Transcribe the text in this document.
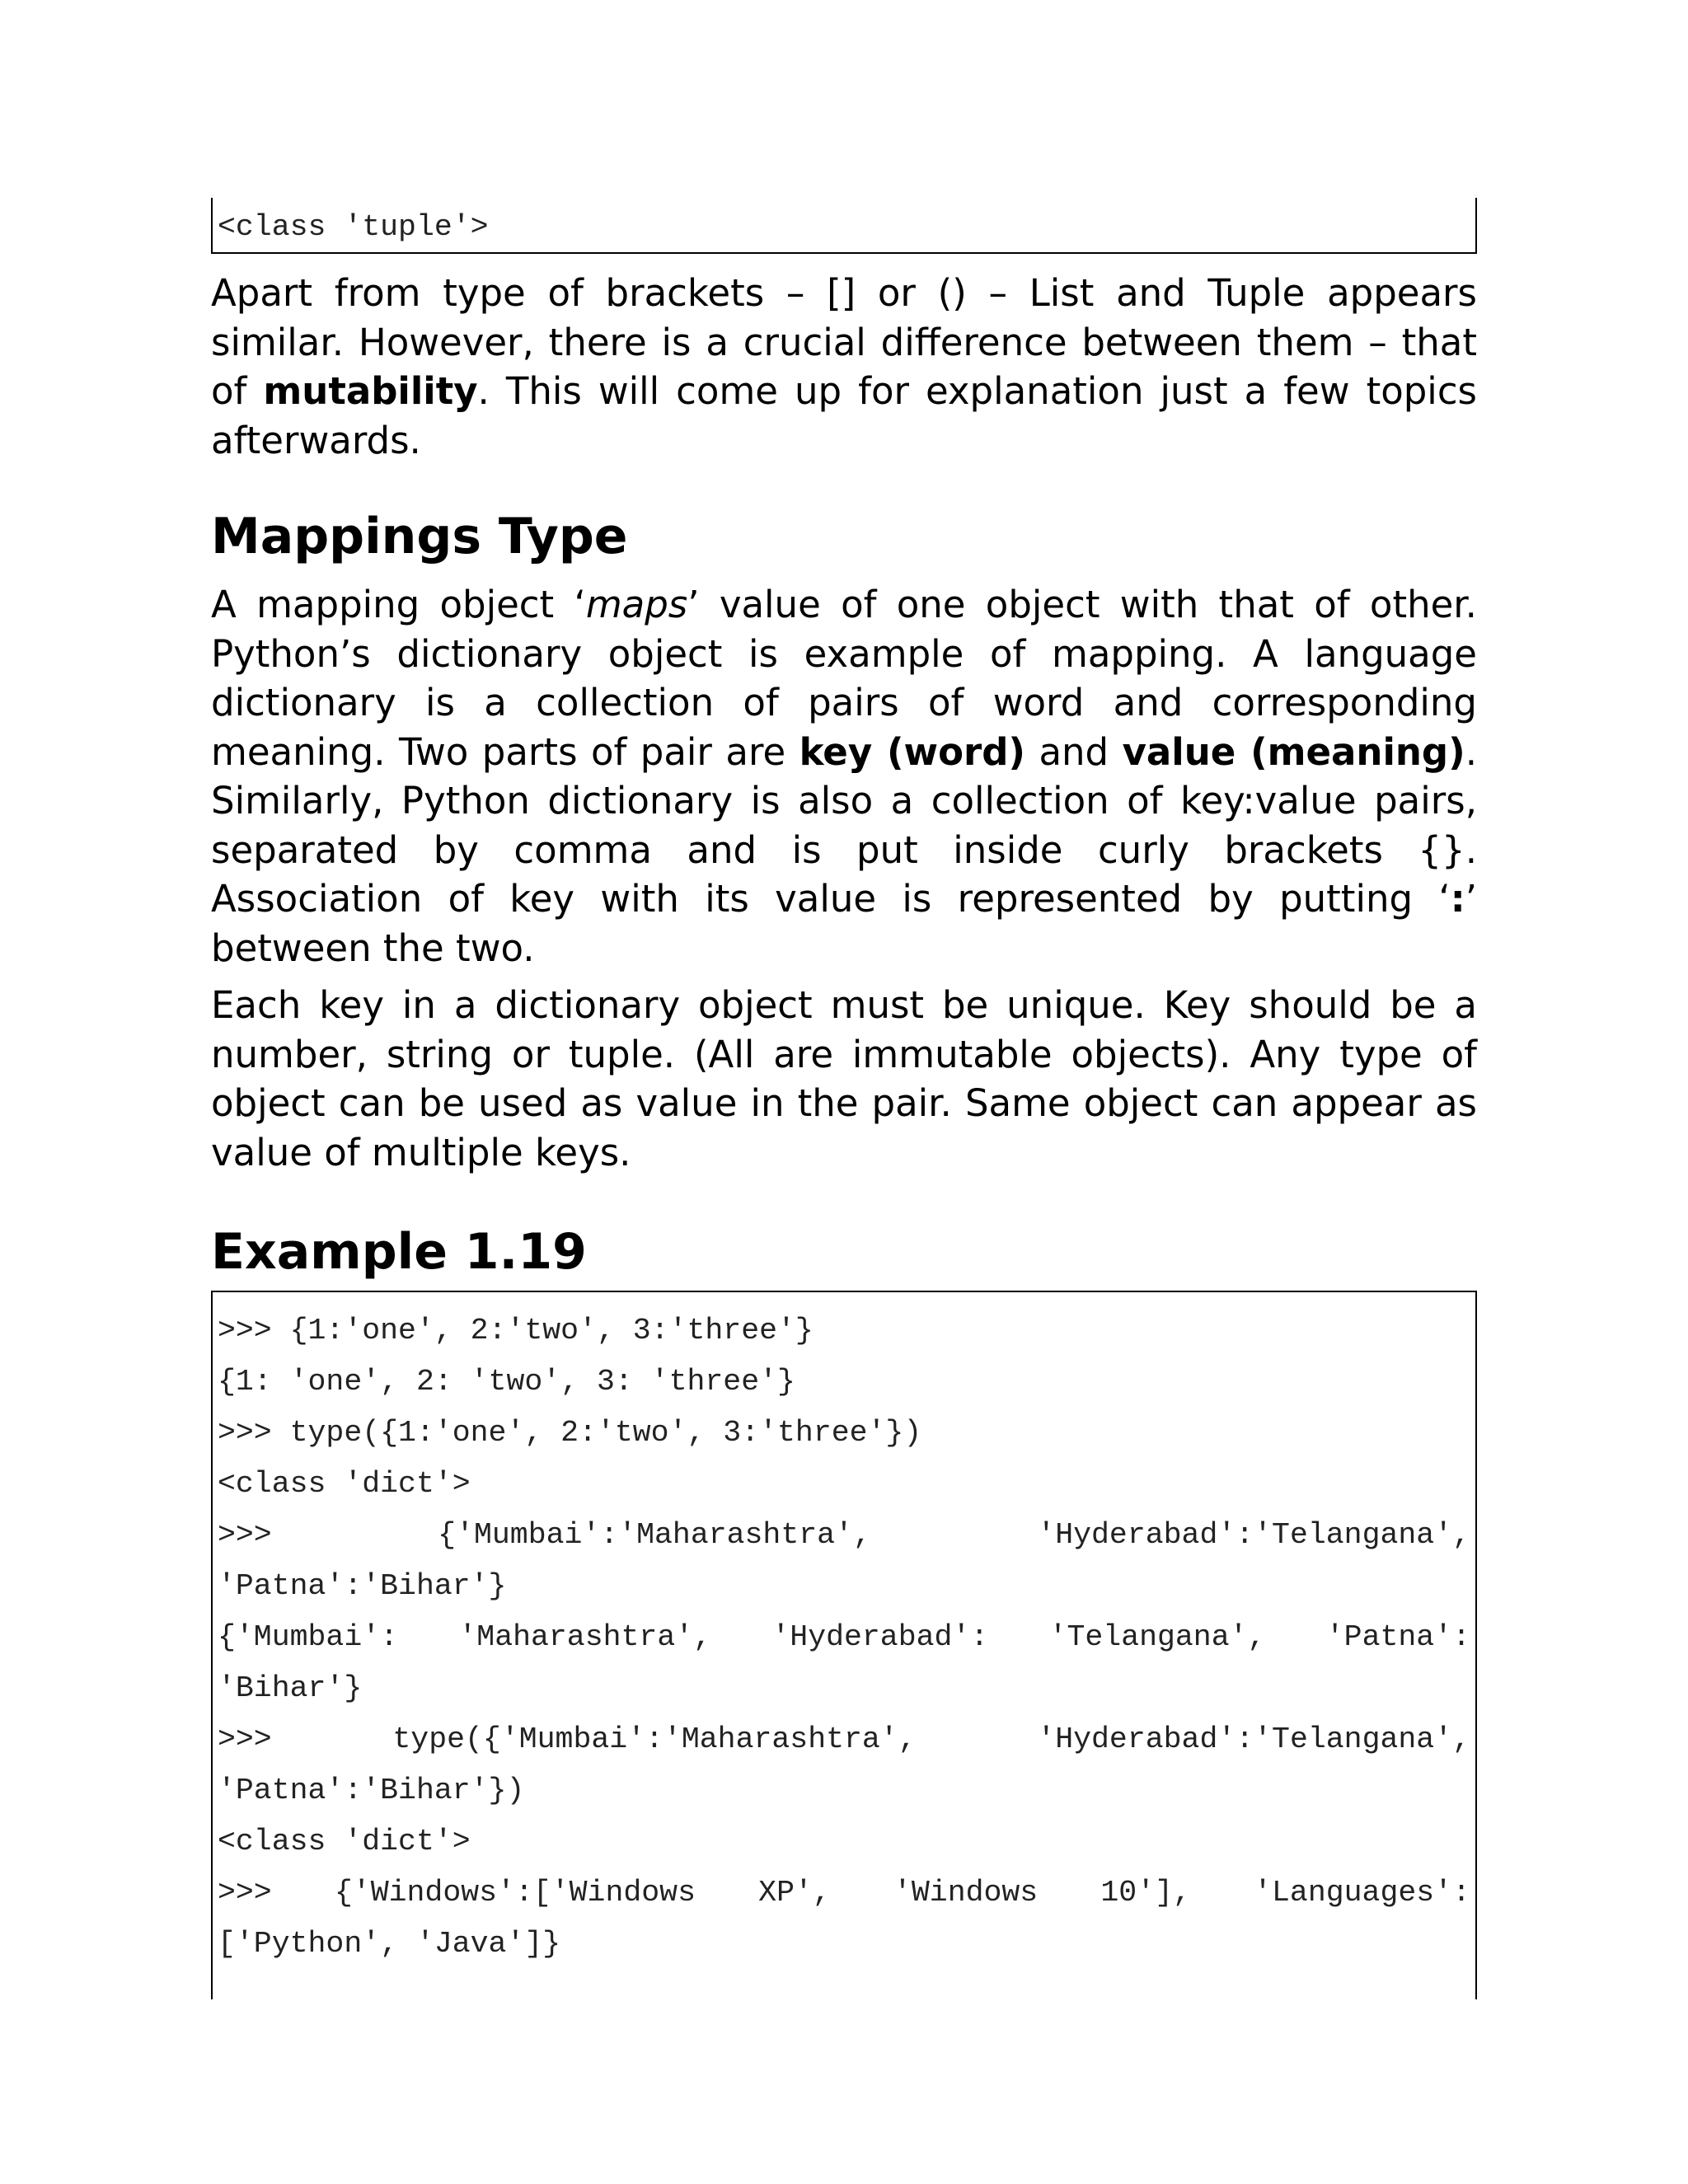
<class 'tuple'>

Apart from type of brackets – [] or () – List and Tuple appears similar. However, there is a crucial difference between them – that of mutability. This will come up for explanation just a few topics afterwards.

Mappings Type

A mapping object ‘maps’ value of one object with that of other. Python’s dictionary object is example of mapping. A language dictionary is a collection of pairs of word and corresponding meaning. Two parts of pair are key (word) and value (meaning). Similarly, Python dictionary is also a collection of key:value pairs, separated by comma and is put inside curly brackets {}. Association of key with its value is represented by putting ‘:’ between the two.

Each key in a dictionary object must be unique. Key should be a number, string or tuple. (All are immutable objects). Any type of object can be used as value in the pair. Same object can appear as value of multiple keys.

Example 1.19
>>> {1:'one', 2:'two', 3:'three'}
{1: 'one', 2: 'two', 3: 'three'}
>>> type({1:'one', 2:'two', 3:'three'})
<class 'dict'>
>>>	{'Mumbai':'Maharashtra',	'Hyderabad':'Telangana',
'Patna':'Bihar'}
{'Mumbai': 'Maharashtra', 'Hyderabad': 'Telangana', 'Patna':
'Bihar'}
>>>	type({'Mumbai':'Maharashtra',	'Hyderabad':'Telangana',
'Patna':'Bihar'})
<class 'dict'>
>>> {'Windows':['Windows XP', 'Windows 10'], 'Languages':
['Python', 'Java']}
